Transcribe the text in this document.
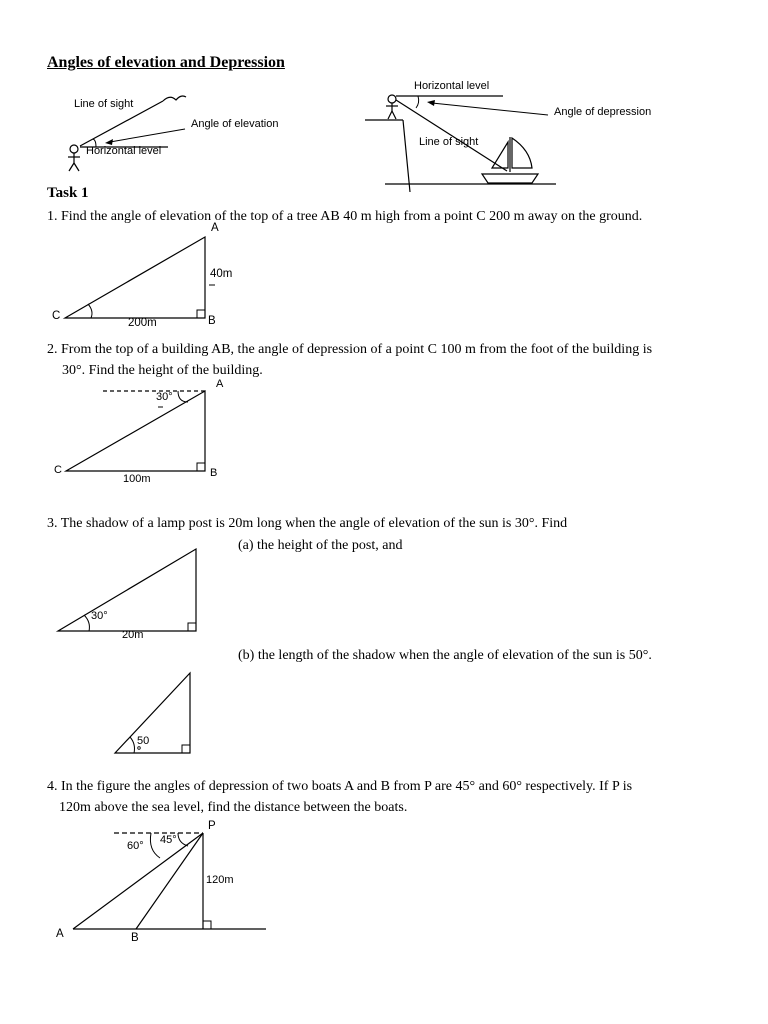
Angles of elevation and Depression
Line of sight
Angle of elevation
Horizontal level
Horizontal level
Angle of depression
Line of sight
Task 1
1. Find the angle of elevation of the top of a tree AB 40 m high from a point C 200 m away on the ground.
A
40m
C	B
200m
2. From the top of a building AB, the angle of depression of a point C 100 m from the foot of the building is
30°. Find the height of the building.
A
30°
C	B
100m
3. The shadow of a lamp post is 20m long when the angle of elevation of the sun is 30°. Find
(a) the height of the post, and
30°
20m
(b) the length of the shadow when the angle of elevation of the sun is 50°.
50
4. In the figure the angles of depression of two boats A and B from P are 45° and 60° respectively. If P is
120m above the sea level, find the distance between the boats.
P
45°
60°
120m
A	B
